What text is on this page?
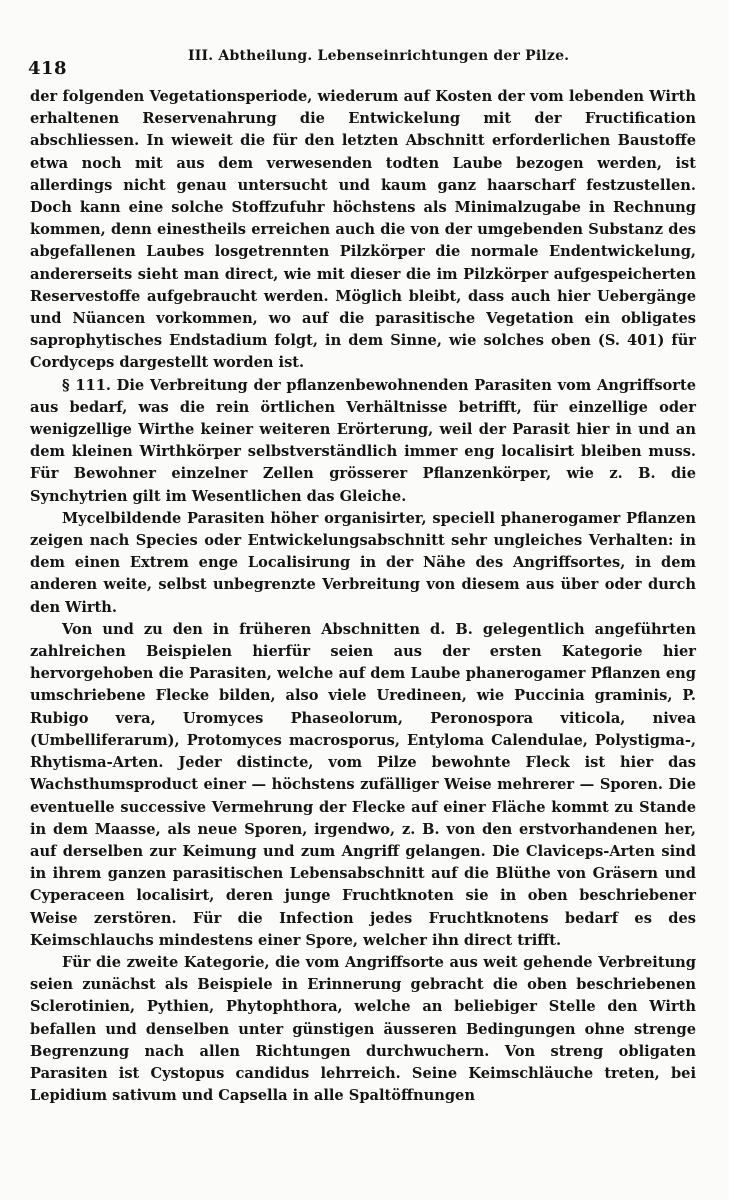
418
III. Abtheilung. Lebenseinrichtungen der Pilze.

der folgenden Vegetationsperiode, wiederum auf Kosten der vom lebenden Wirth erhaltenen Reservenahrung die Entwickelung mit der Fructification abschliessen. In wieweit die für den letzten Abschnitt erforderlichen Baustoffe etwa noch mit aus dem verwesenden todten Laube bezogen werden, ist allerdings nicht genau untersucht und kaum ganz haarscharf festzustellen. Doch kann eine solche Stoffzufuhr höchstens als Minimalzugabe in Rechnung kommen, denn einestheils erreichen auch die von der umgebenden Substanz des abgefallenen Laubes losgetrennten Pilzkörper die normale Endentwickelung, andererseits sieht man direct, wie mit dieser die im Pilzkörper aufgespeicherten Reservestoffe aufgebraucht werden. Möglich bleibt, dass auch hier Uebergänge und Nüancen vorkommen, wo auf die parasitische Vegetation ein obligates saprophytisches Endstadium folgt, in dem Sinne, wie solches oben (S. 401) für Cordyceps dargestellt worden ist.

§ 111. Die Verbreitung der pflanzenbewohnenden Parasiten vom Angriffsorte aus bedarf, was die rein örtlichen Verhältnisse betrifft, für einzellige oder wenigzellige Wirthe keiner weiteren Erörterung, weil der Parasit hier in und an dem kleinen Wirthkörper selbstverständlich immer eng localisirt bleiben muss. Für Bewohner einzelner Zellen grösserer Pflanzenkörper, wie z. B. die Synchytrien gilt im Wesentlichen das Gleiche.

Mycelbildende Parasiten höher organisirter, speciell phanerogamer Pflanzen zeigen nach Species oder Entwickelungsabschnitt sehr ungleiches Verhalten: in dem einen Extrem enge Localisirung in der Nähe des Angriffsortes, in dem anderen weite, selbst unbegrenzte Verbreitung von diesem aus über oder durch den Wirth.

Von und zu den in früheren Abschnitten d. B. gelegentlich angeführten zahlreichen Beispielen hierfür seien aus der ersten Kategorie hier hervorgehoben die Parasiten, welche auf dem Laube phanerogamer Pflanzen eng umschriebene Flecke bilden, also viele Uredineen, wie Puccinia graminis, P. Rubigo vera, Uromyces Phaseolorum, Peronospora viticola, nivea (Umbelliferarum), Protomyces macrosporus, Entyloma Calendulae, Polystigma-, Rhytisma-Arten. Jeder distincte, vom Pilze bewohnte Fleck ist hier das Wachsthumsproduct einer — höchstens zufälliger Weise mehrerer — Sporen. Die eventuelle successive Vermehrung der Flecke auf einer Fläche kommt zu Stande in dem Maasse, als neue Sporen, irgendwo, z. B. von den erstvorhandenen her, auf derselben zur Keimung und zum Angriff gelangen. Die Claviceps-Arten sind in ihrem ganzen parasitischen Lebensabschnitt auf die Blüthe von Gräsern und Cyperaceen localisirt, deren junge Fruchtknoten sie in oben beschriebener Weise zerstören. Für die Infection jedes Fruchtknotens bedarf es des Keimschlauchs mindestens einer Spore, welcher ihn direct trifft.

Für die zweite Kategorie, die vom Angriffsorte aus weit gehende Verbreitung seien zunächst als Beispiele in Erinnerung gebracht die oben beschriebenen Sclerotinien, Pythien, Phytophthora, welche an beliebiger Stelle den Wirth befallen und denselben unter günstigen äusseren Bedingungen ohne strenge Begrenzung nach allen Richtungen durchwuchern. Von streng obligaten Parasiten ist Cystopus candidus lehrreich. Seine Keimschläuche treten, bei Lepidium sativum und Capsella in alle Spaltöffnungen
